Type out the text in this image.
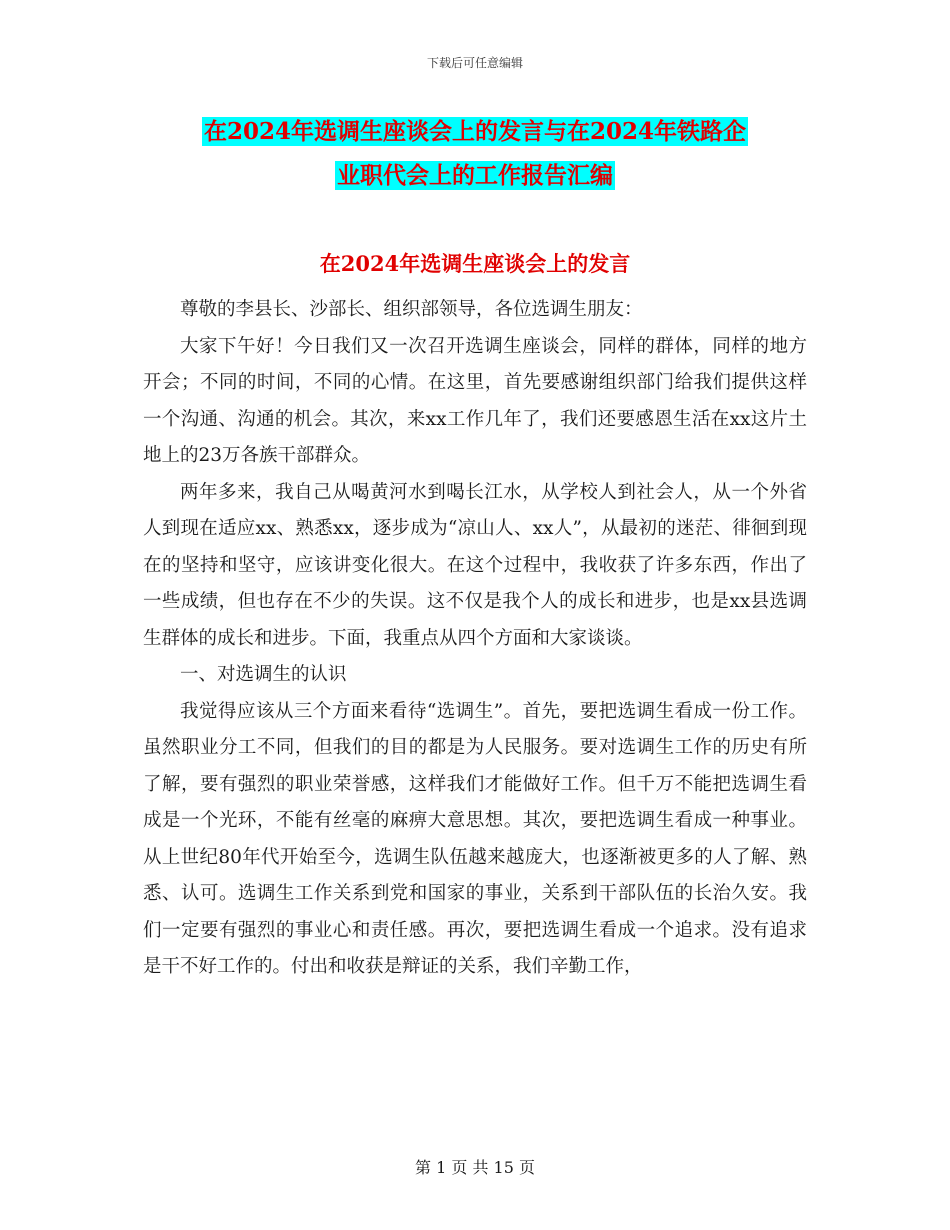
下载后可任意编辑
在2024年选调生座谈会上的发言与在2024年铁路企
业职代会上的工作报告汇编
在2024年选调生座谈会上的发言

尊敬的李县长、沙部长、组织部领导，各位选调生朋友：

大家下午好！今日我们又一次召开选调生座谈会，同样的群体，同样的地方开会；不同的时间，不同的心情。在这里，首先要感谢组织部门给我们提供这样一个沟通、沟通的机会。其次，来xx工作几年了，我们还要感恩生活在xx这片土地上的23万各族干部群众。

两年多来，我自己从喝黄河水到喝长江水，从学校人到社会人，从一个外省人到现在适应xx、熟悉xx，逐步成为“凉山人、xx人”，从最初的迷茫、徘徊到现在的坚持和坚守，应该讲变化很大。在这个过程中，我收获了许多东西，作出了一些成绩，但也存在不少的失误。这不仅是我个人的成长和进步，也是xx县选调生群体的成长和进步。下面，我重点从四个方面和大家谈谈。

一、对选调生的认识

我觉得应该从三个方面来看待“选调生”。首先，要把选调生看成一份工作。虽然职业分工不同，但我们的目的都是为人民服务。要对选调生工作的历史有所了解，要有强烈的职业荣誉感，这样我们才能做好工作。但千万不能把选调生看成是一个光环，不能有丝毫的麻痹大意思想。其次，要把选调生看成一种事业。从上世纪80年代开始至今，选调生队伍越来越庞大，也逐渐被更多的人了解、熟悉、认可。选调生工作关系到党和国家的事业，关系到干部队伍的长治久安。我们一定要有强烈的事业心和责任感。再次，要把选调生看成一个追求。没有追求是干不好工作的。付出和收获是辩证的关系，我们辛勤工作，

第 1 页 共 15 页
